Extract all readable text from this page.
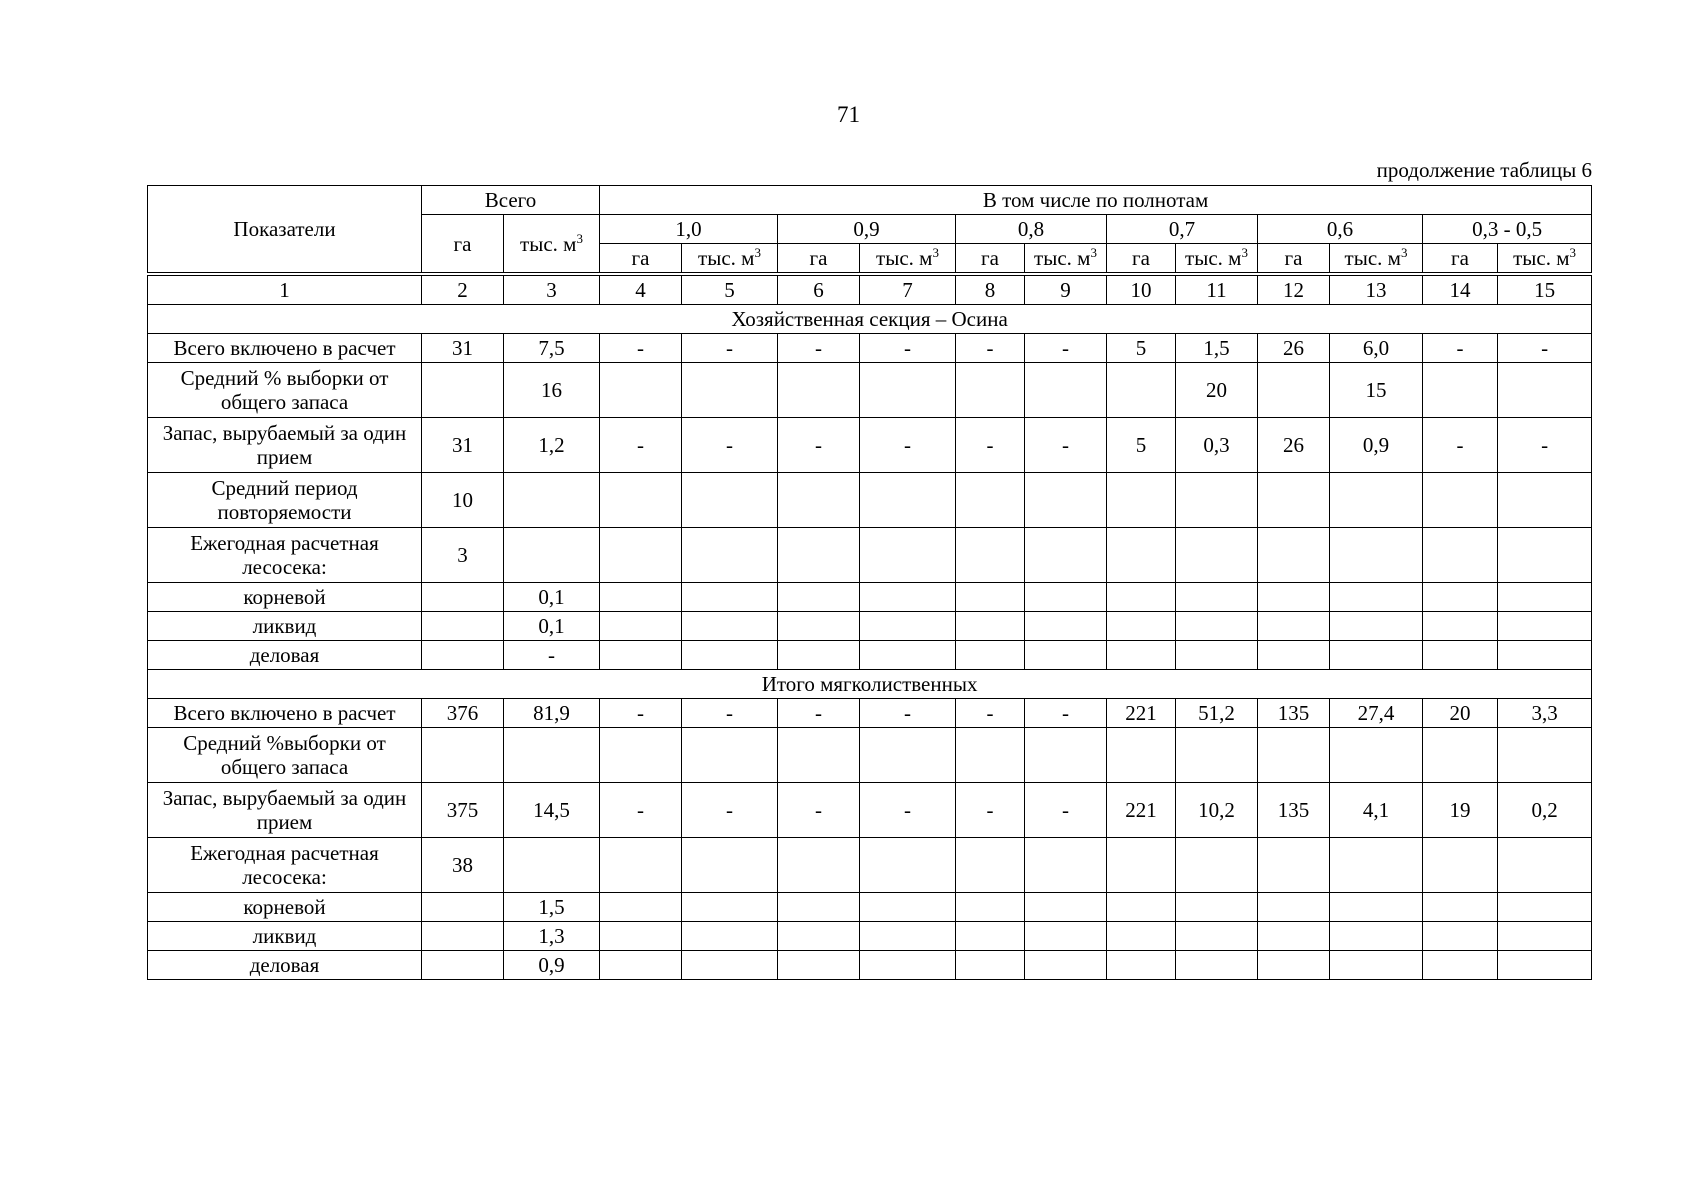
71
продолжение таблицы 6
Показатели	Всего		В том числе по полнотам											
	га	тыс. $м^3$	1,0		0,9		0,8		0,7		0,6		0,3 - 0,5	
			га	тыс. $м^3$	га	тыс. $м^3$	га	тыс. $м^3$	га	тыс. $м^3$	га	тыс. $м^3$	га	тыс. $м^3$
1	2	3	4	5	6	7	8	9	10	11	12	13	14	15
Хозяйственная секция – Осина														
Всего включено в расчет	31	7,5	-	-	-	-	-	-	5	1,5	26	6,0	-	-
Средний % выборки от общего запаса		16								20		15		
Запас, вырубаемый за один прием	31	1,2	-	-	-	-	-	-	5	0,3	26	0,9	-	-
Средний период повторяемости	10													
Ежегодная расчетная лесосека:	3													
корневой		0,1												
ликвид		0,1												
деловая		-												
Итого мягколиственных														
Всего включено в расчет	376	81,9	-	-	-	-	-	-	221	51,2	135	27,4	20	3,3
Средний %выборки от общего запаса														
Запас, вырубаемый за один прием	375	14,5	-	-	-	-	-	-	221	10,2	135	4,1	19	0,2
Ежегодная расчетная лесосека:	38													
корневой		1,5												
ликвид		1,3												
деловая		0,9												
